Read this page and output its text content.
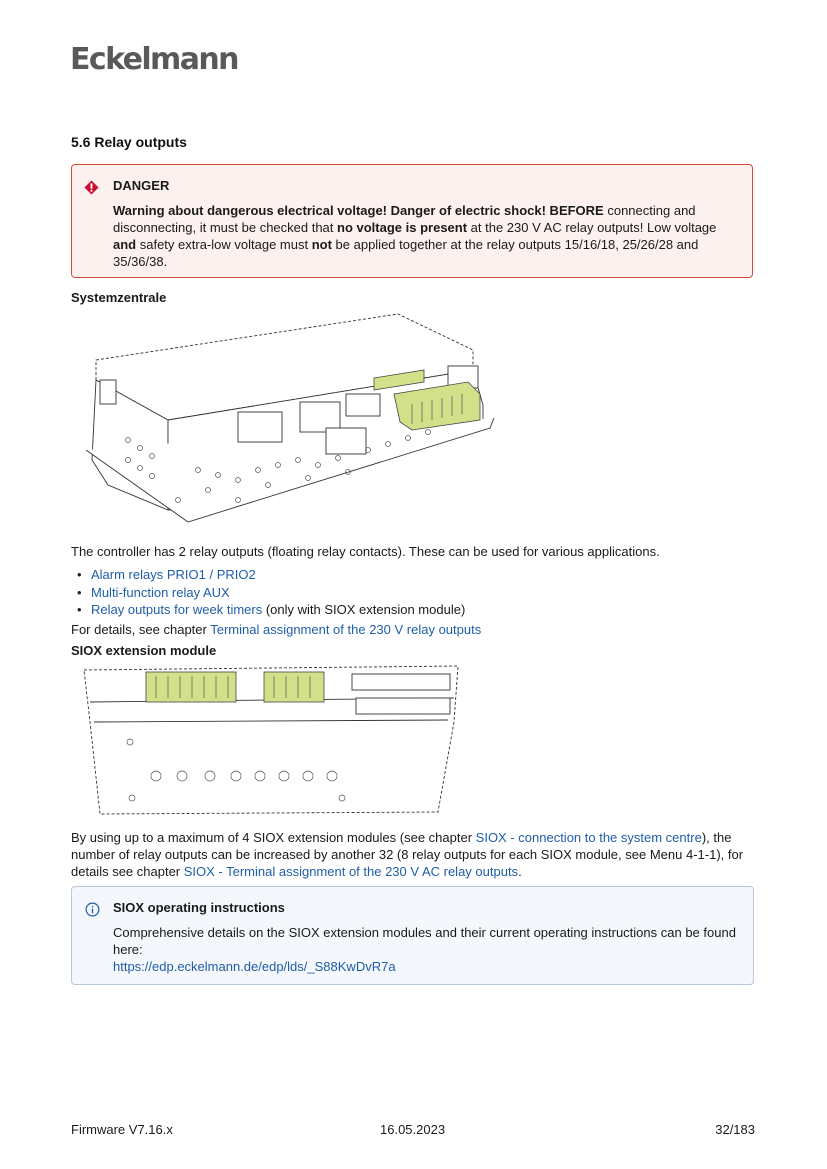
Eckelmann
5.6 Relay outputs
DANGER
Warning about dangerous electrical voltage! Danger of electric shock! BEFORE connecting and disconnecting, it must be checked that no voltage is present at the 230 V AC relay outputs! Low voltage and safety extra-low voltage must not be applied together at the relay outputs 15/16/18, 25/26/28 and 35/36/38.
Systemzentrale
The controller has 2 relay outputs (floating relay contacts). These can be used for various applications.
• Alarm relays PRIO1 / PRIO2
• Multi-function relay AUX
• Relay outputs for week timers (only with SIOX extension module)
For details, see chapter Terminal assignment of the 230 V relay outputs
SIOX extension module
By using up to a maximum of 4 SIOX extension modules (see chapter SIOX - connection to the system centre), the number of relay outputs can be increased by another 32 (8 relay outputs for each SIOX module, see Menu 4-1-1), for details see chapter SIOX - Terminal assignment of the 230 V AC relay outputs.
SIOX operating instructions
Comprehensive details on the SIOX extension modules and their current operating instructions can be found here:
https://edp.eckelmann.de/edp/lds/_S88KwDvR7a
Firmware V7.16.x	16.05.2023	32/183
